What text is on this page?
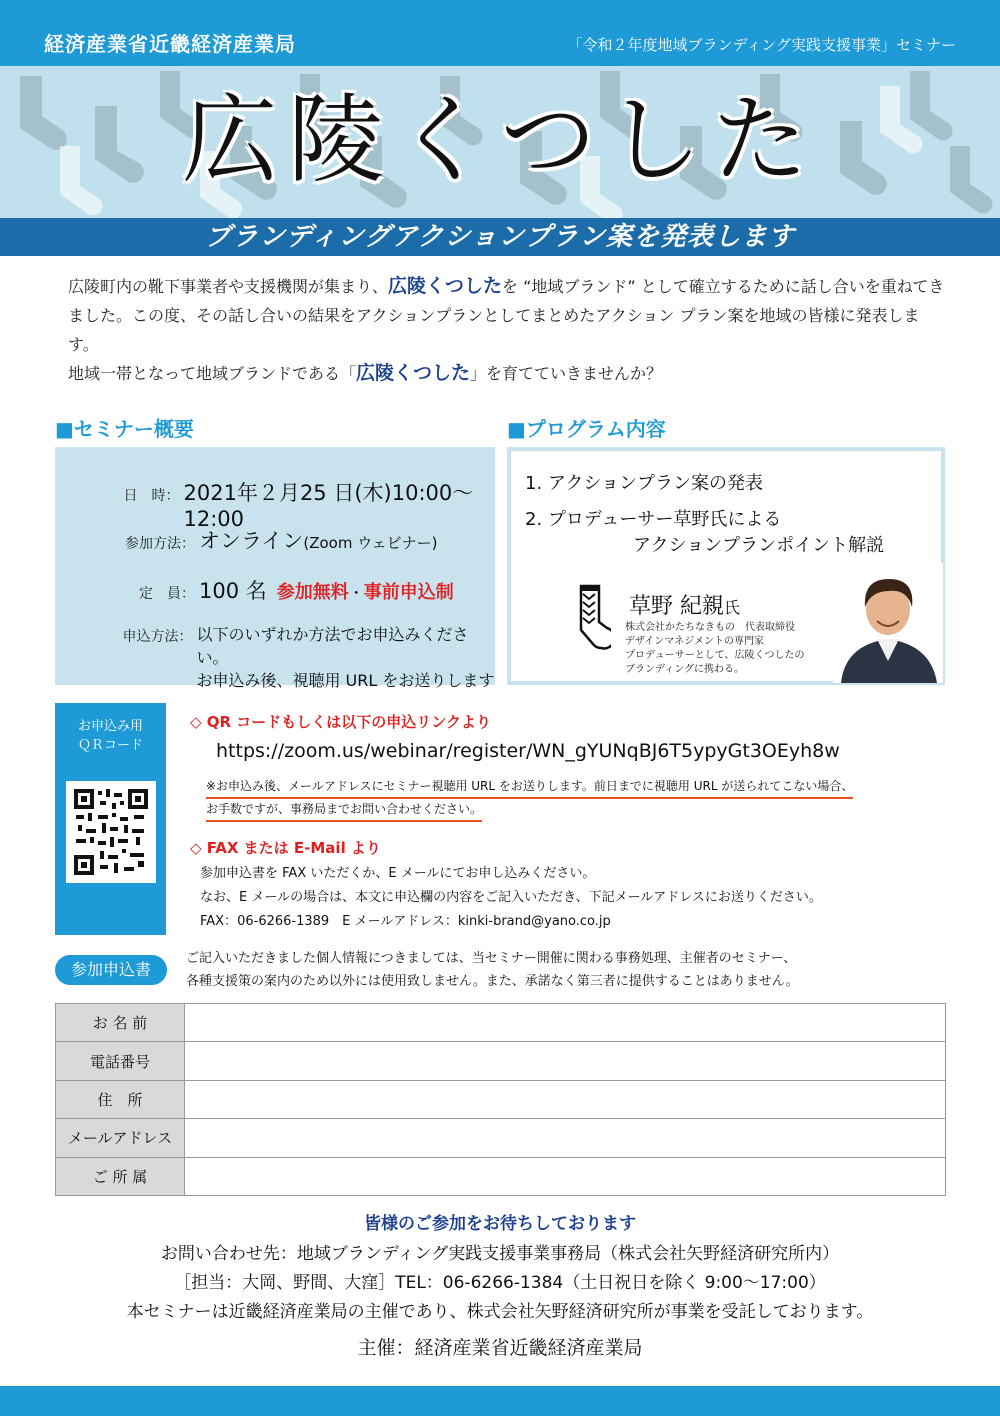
経済産業省近畿経済産業局	「令和２年度地域ブランディング実践支援事業」セミナー
広陵くつした
ブランディングアクションプラン案を発表します

広陵町内の靴下事業者や支援機関が集まり、広陵くつしたを “地域ブランド” として確立するために話し合いを重ねてきました。この度、その話し合いの結果をアクションプランとしてまとめたアクション プラン案を地域の皆様に発表します。

地域一帯となって地域ブランドである「広陵くつした」を育てていきませんか？

■セミナー概要	■プログラム内容
日　時： 2021年２月25 日(木)10:00～12:00
参加方法： オンライン (Zoom ウェビナー)
定　員： 100 名 参加無料 ・ 事前申込制
申込方法： 以下のいずれか方法でお申込みください。
お申込み後、視聴用 URL をお送りします
1. アクションプラン案の発表
2. プロデューサー草野氏による
アクションプランポイント解説
草野 紀親氏
株式会社かたちなきもの　代表取締役
デザインマネジメントの専門家
プロデューサーとして、広陵くつしたの
ブランディングに携わる。
お申込み用
ＱＲコード
◇ QR コードもしくは以下の申込リンクより
https://zoom.us/webinar/register/WN_gYUNqBJ6T5ypyGt3OEyh8w
※お申込み後、メールアドレスにセミナー視聴用 URL をお送りします。前日までに視聴用 URL が送られてこない場合、
お手数ですが、事務局までお問い合わせください。
◇ FAX または E-Mail より
参加申込書を FAX いただくか、E メールにてお申し込みください。
なお、E メールの場合は、本文に申込欄の内容をご記入いただき、下記メールアドレスにお送りください。
FAX：06-6266-1389　E メールアドレス：kinki-brand@yano.co.jp
参加申込書
ご記入いただきました個人情報につきましては、当セミナー開催に関わる事務処理、主催者のセミナー、
各種支援策の案内のため以外には使用致しません。また、承諾なく第三者に提供することはありません。
お 名 前	
電話番号	
住　所	
メールアドレス	
ご 所 属	
皆様のご参加をお待ちしております
お問い合わせ先：地域ブランディング実践支援事業事務局（株式会社矢野経済研究所内）
［担当：大岡、野間、大窪］TEL：06-6266-1384（土日祝日を除く 9:00～17:00）
本セミナーは近畿経済産業局の主催であり、株式会社矢野経済研究所が事業を受託しております。
主催：経済産業省近畿経済産業局
